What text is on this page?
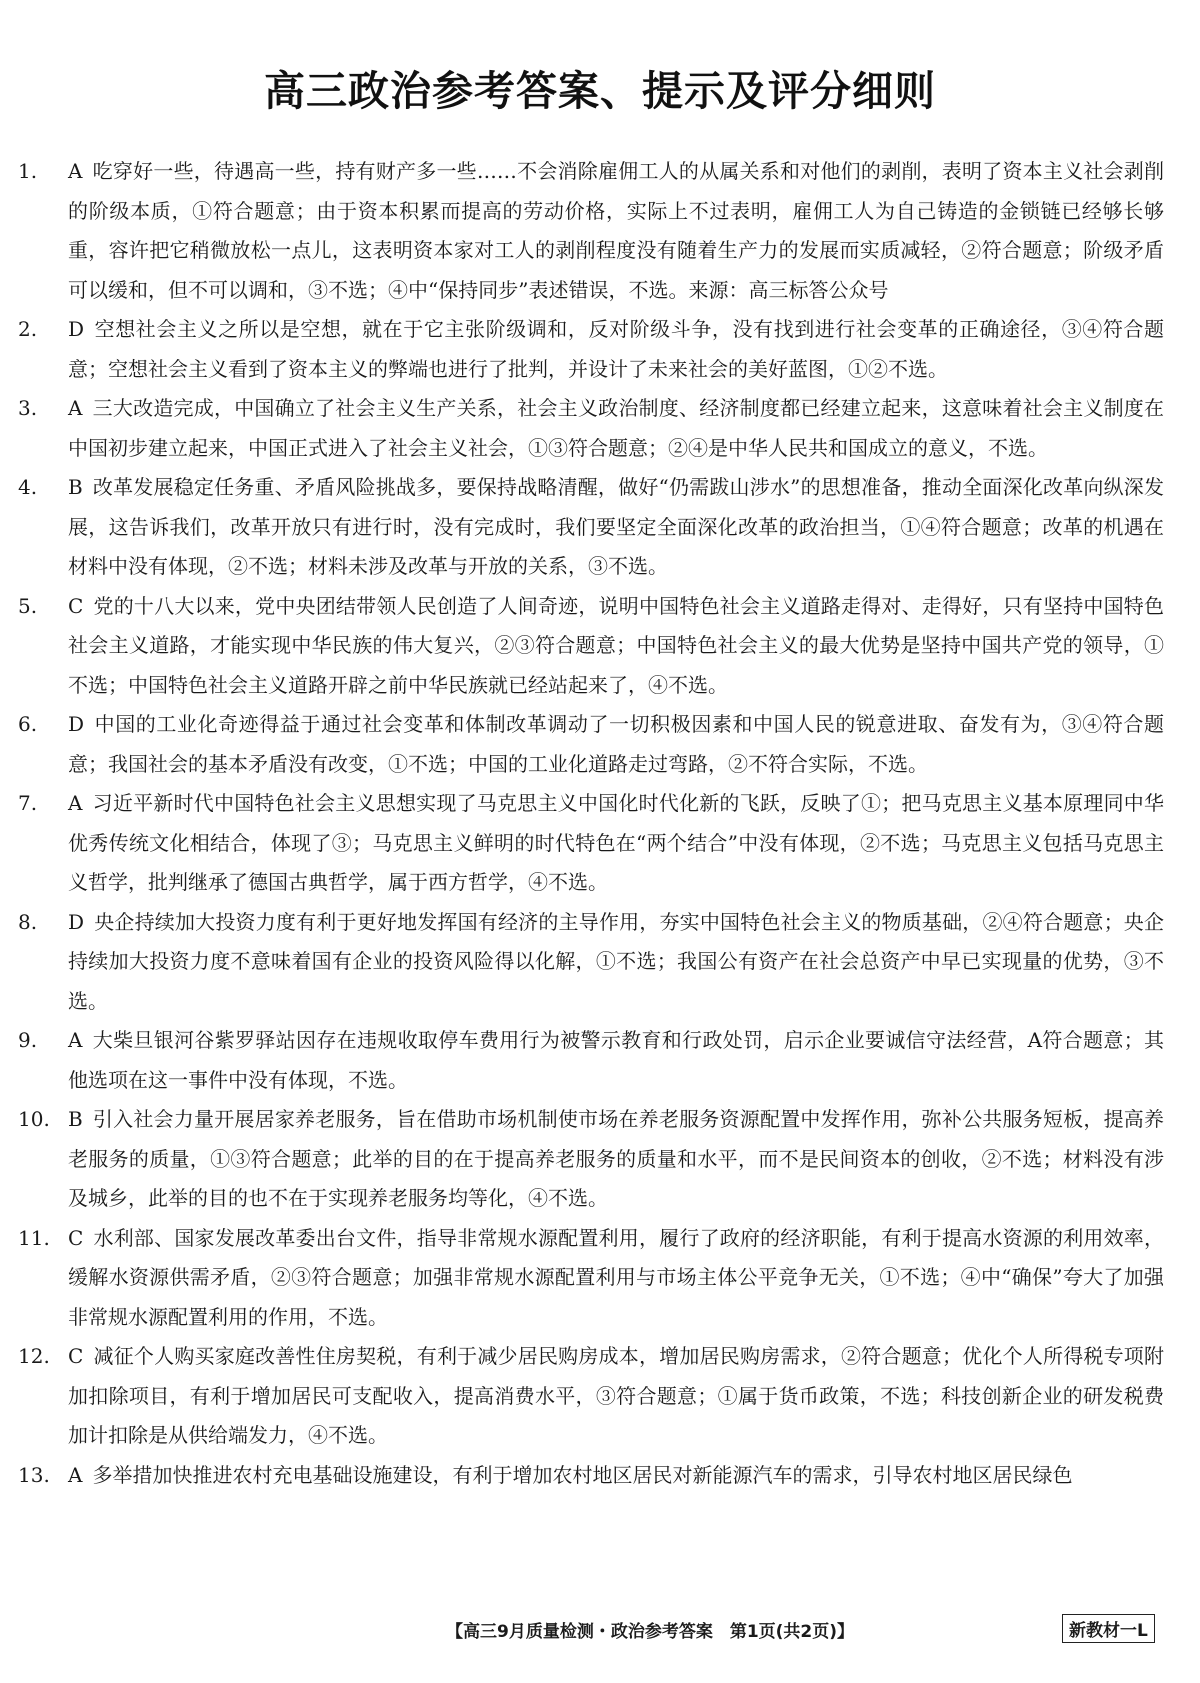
高三政治参考答案、提示及评分细则
1. A 吃穿好一些，待遇高一些，持有财产多一些……不会消除雇佣工人的从属关系和对他们的剥削，表明了资本主义社会剥削的阶级本质，①符合题意；由于资本积累而提高的劳动价格，实际上不过表明，雇佣工人为自己铸造的金锁链已经够长够重，容许把它稍微放松一点儿，这表明资本家对工人的剥削程度没有随着生产力的发展而实质减轻，②符合题意；阶级矛盾可以缓和，但不可以调和，③不选；④中“保持同步”表述错误，不选。来源：高三标答公众号
2. D 空想社会主义之所以是空想，就在于它主张阶级调和，反对阶级斗争，没有找到进行社会变革的正确途径，③④符合题意；空想社会主义看到了资本主义的弊端也进行了批判，并设计了未来社会的美好蓝图，①②不选。
3. A 三大改造完成，中国确立了社会主义生产关系，社会主义政治制度、经济制度都已经建立起来，这意味着社会主义制度在中国初步建立起来，中国正式进入了社会主义社会，①③符合题意；②④是中华人民共和国成立的意义，不选。
4. B 改革发展稳定任务重、矛盾风险挑战多，要保持战略清醒，做好“仍需跋山涉水”的思想准备，推动全面深化改革向纵深发展，这告诉我们，改革开放只有进行时，没有完成时，我们要坚定全面深化改革的政治担当，①④符合题意；改革的机遇在材料中没有体现，②不选；材料未涉及改革与开放的关系，③不选。
5. C 党的十八大以来，党中央团结带领人民创造了人间奇迹，说明中国特色社会主义道路走得对、走得好，只有坚持中国特色社会主义道路，才能实现中华民族的伟大复兴，②③符合题意；中国特色社会主义的最大优势是坚持中国共产党的领导，①不选；中国特色社会主义道路开辟之前中华民族就已经站起来了，④不选。
6. D 中国的工业化奇迹得益于通过社会变革和体制改革调动了一切积极因素和中国人民的锐意进取、奋发有为，③④符合题意；我国社会的基本矛盾没有改变，①不选；中国的工业化道路走过弯路，②不符合实际，不选。
7. A 习近平新时代中国特色社会主义思想实现了马克思主义中国化时代化新的飞跃，反映了①；把马克思主义基本原理同中华优秀传统文化相结合，体现了③；马克思主义鲜明的时代特色在“两个结合”中没有体现，②不选；马克思主义包括马克思主义哲学，批判继承了德国古典哲学，属于西方哲学，④不选。
8. D 央企持续加大投资力度有利于更好地发挥国有经济的主导作用，夯实中国特色社会主义的物质基础，②④符合题意；央企持续加大投资力度不意味着国有企业的投资风险得以化解，①不选；我国公有资产在社会总资产中早已实现量的优势，③不选。
9. A 大柴旦银河谷紫罗驿站因存在违规收取停车费用行为被警示教育和行政处罚，启示企业要诚信守法经营，A符合题意；其他选项在这一事件中没有体现，不选。
10. B 引入社会力量开展居家养老服务，旨在借助市场机制使市场在养老服务资源配置中发挥作用，弥补公共服务短板，提高养老服务的质量，①③符合题意；此举的目的在于提高养老服务的质量和水平，而不是民间资本的创收，②不选；材料没有涉及城乡，此举的目的也不在于实现养老服务均等化，④不选。
11. C 水利部、国家发展改革委出台文件，指导非常规水源配置利用，履行了政府的经济职能，有利于提高水资源的利用效率，缓解水资源供需矛盾，②③符合题意；加强非常规水源配置利用与市场主体公平竞争无关，①不选；④中“确保”夸大了加强非常规水源配置利用的作用，不选。
12. C 减征个人购买家庭改善性住房契税，有利于减少居民购房成本，增加居民购房需求，②符合题意；优化个人所得税专项附加扣除项目，有利于增加居民可支配收入，提高消费水平，③符合题意；①属于货币政策，不选；科技创新企业的研发税费加计扣除是从供给端发力，④不选。
13. A 多举措加快推进农村充电基础设施建设，有利于增加农村地区居民对新能源汽车的需求，引导农村地区居民绿色
【高三9月质量检测・政治参考答案　第1页(共2页)】	新教材一L
